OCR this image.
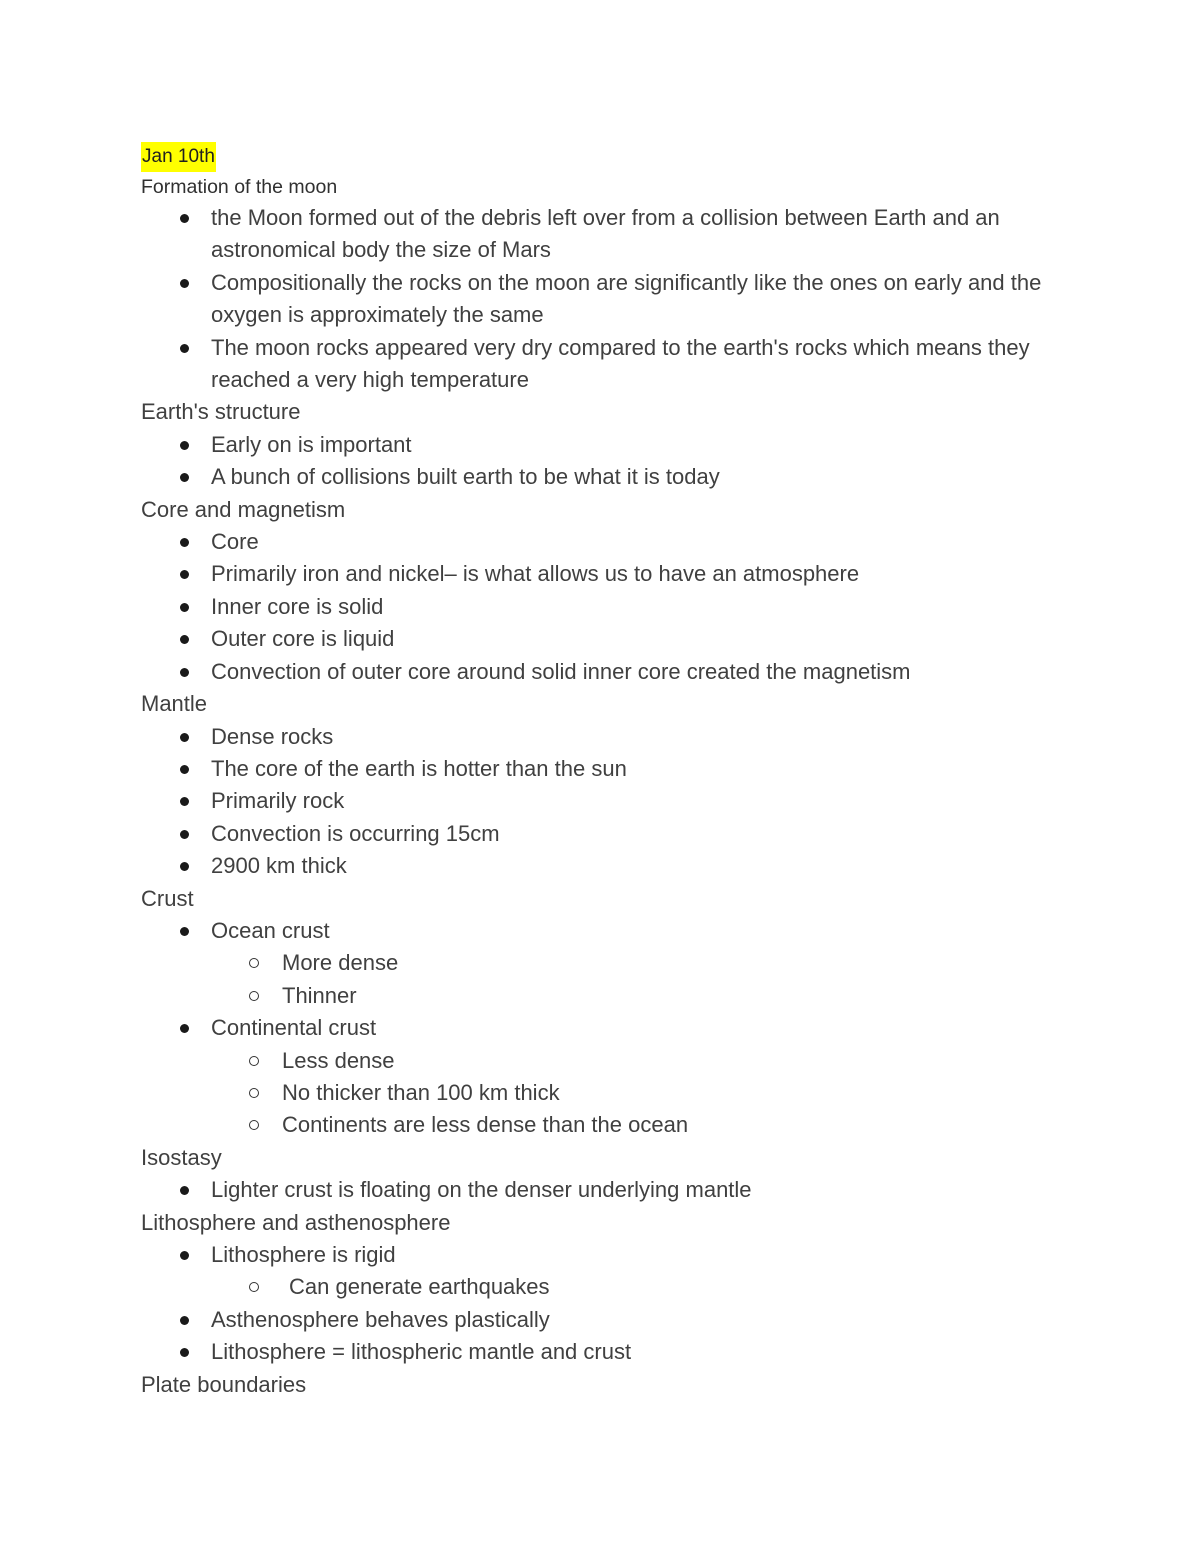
Jan 10th
Formation of the moon
the Moon formed out of the debris left over from a collision between Earth and an astronomical body the size of Mars
Compositionally the rocks on the moon are significantly like the ones on early and the oxygen is approximately the same
The moon rocks appeared very dry compared to the earth's rocks which means they reached a very high temperature
Earth's structure
Early on is important
A bunch of collisions built earth to be what it is today
Core and magnetism
Core
Primarily iron and nickel– is what allows us to have an atmosphere
Inner core is solid
Outer core is liquid
Convection of outer core around solid inner core created the magnetism
Mantle
Dense rocks
The core of the earth is hotter than the sun
Primarily rock
Convection is occurring 15cm
2900 km thick
Crust
Ocean crust
More dense
Thinner
Continental crust
Less dense
No thicker than 100 km thick
Continents are less dense than the ocean
Isostasy
Lighter crust is floating on the denser underlying mantle
Lithosphere and asthenosphere
Lithosphere is rigid
Can generate earthquakes
Asthenosphere behaves plastically
Lithosphere = lithospheric mantle and crust
Plate boundaries
